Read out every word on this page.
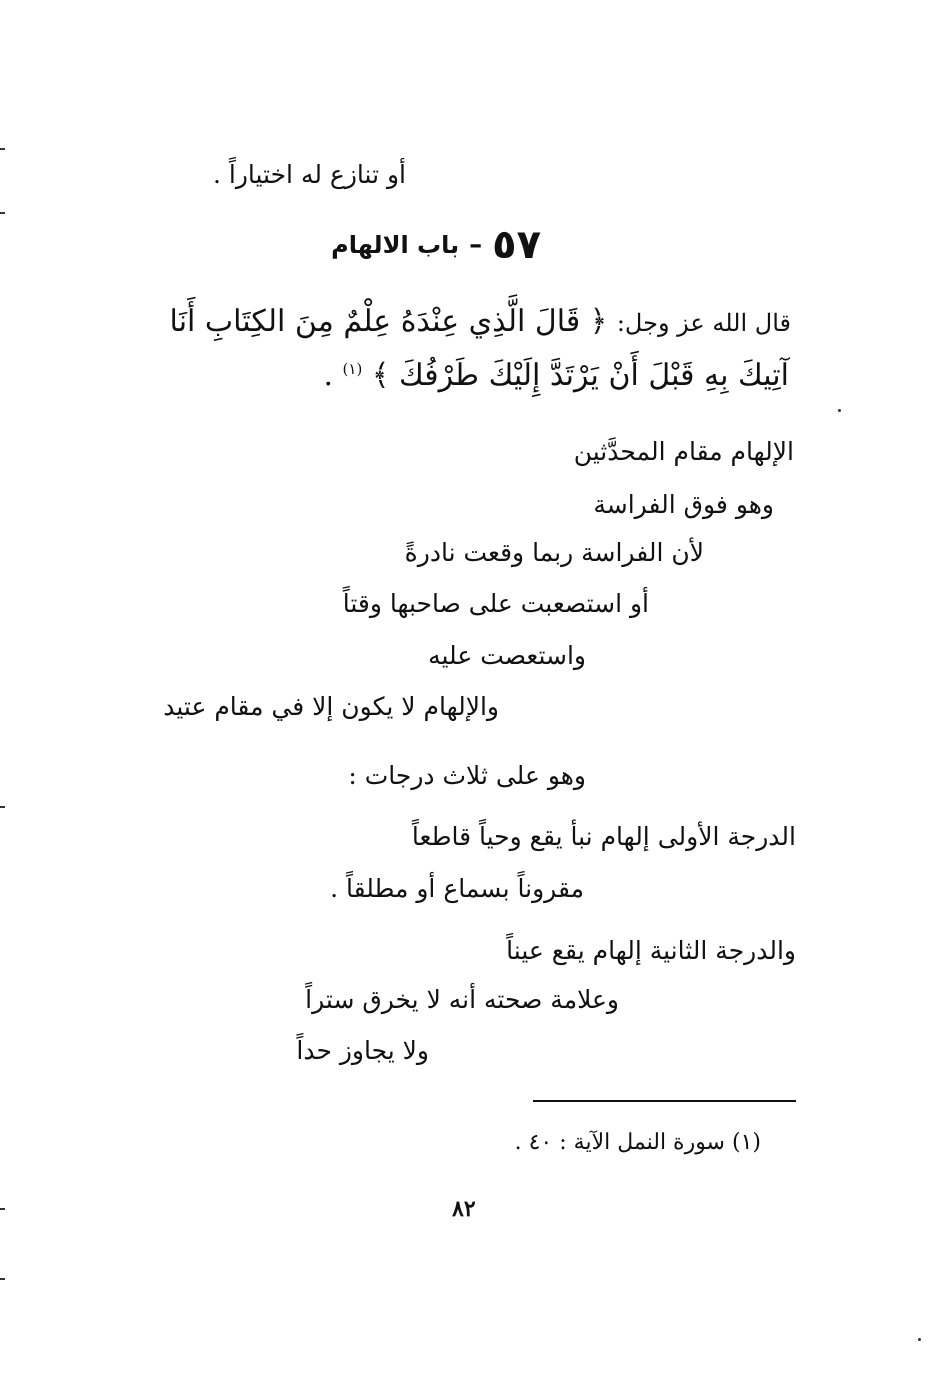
أو تنازع له اختياراً .
٥٧–باب الالهام
قال الله عز وجل: ﴿ قَالَ الَّذِي عِنْدَهُ عِلْمٌ مِنَ الكِتَابِ أَنَا
آتِيكَ بِهِ قَبْلَ أَنْ يَرْتَدَّ إِلَيْكَ طَرْفُكَ ﴾ $^{(١)}$ .
الإلهام مقام المحدَّثين
وهو فوق الفراسة
لأن الفراسة ربما وقعت نادرةً
أو استصعبت على صاحبها وقتاً
واستعصت عليه
والإلهام لا يكون إلا في مقام عتيد
وهو على ثلاث درجات :
الدرجة الأولى إلهام نبأ يقع وحياً قاطعاً
مقروناً بسماع أو مطلقاً .
والدرجة الثانية إلهام يقع عيناً
وعلامة صحته أنه لا يخرق ستراً
ولا يجاوز حداً
(١) سورة النمل الآية : ٤٠ .
٨٢
